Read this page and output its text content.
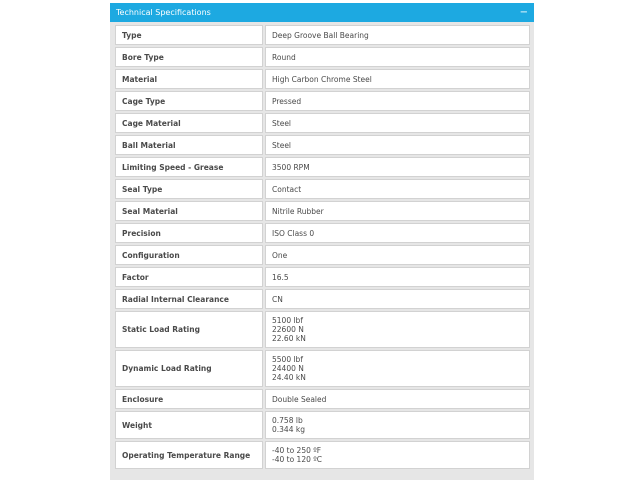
Technical Specifications	−
Type	Deep Groove Ball Bearing

Bore Type	Round

Material	High Carbon Chrome Steel

Cage Type	Pressed

Cage Material	Steel

Ball Material	Steel

Limiting Speed - Grease	3500 RPM

Seal Type	Contact

Seal Material	Nitrile Rubber

Precision	ISO Class 0

Configuration	One

Factor	16.5

Radial Internal Clearance	CN

Static Load Rating	5100 lbf
22600 N
22.60 kN

Dynamic Load Rating	5500 lbf
24400 N
24.40 kN

Enclosure	Double Sealed

Weight	0.758 lb
0.344 kg

Operating Temperature Range	-40 to 250 ºF
-40 to 120 ºC
